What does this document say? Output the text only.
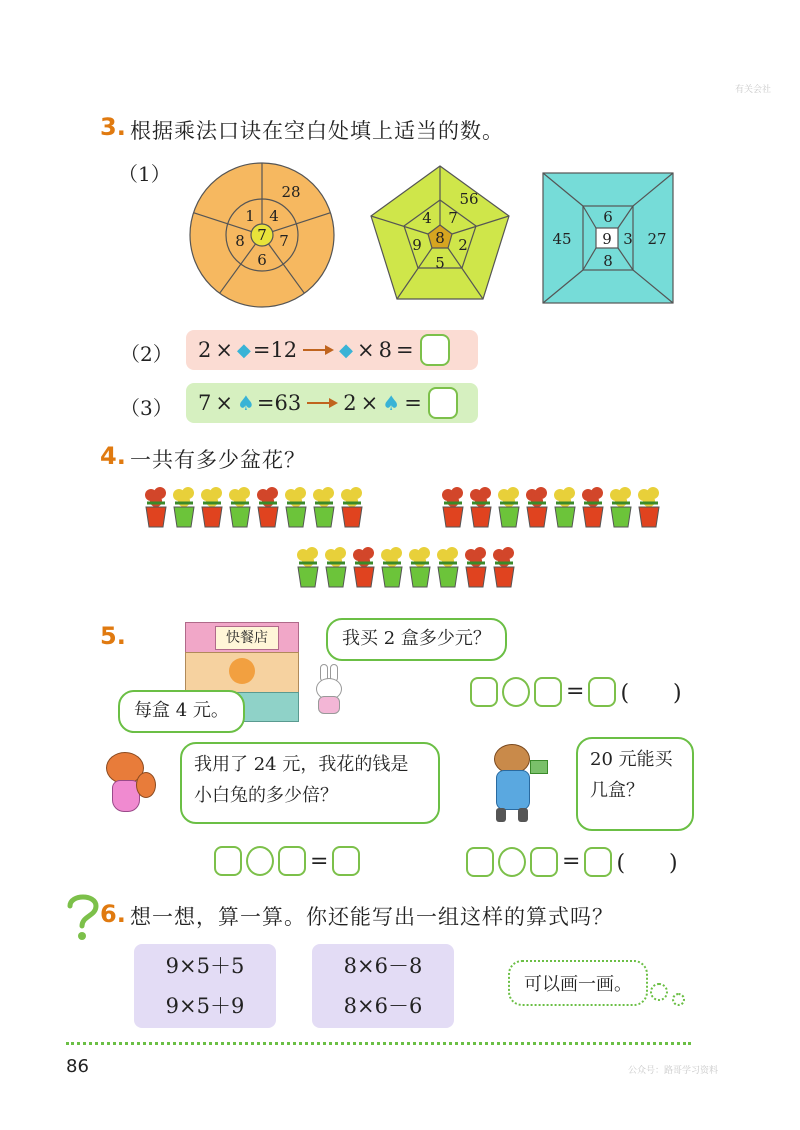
有关会社
3. 根据乘法口诀在空白处填上适当的数。
（1）
7
1 4
7
6
8
28
8
4 7
2
5
9
56
9
6
3
8
45	27
（2） 2 × ◆ = 12 ◆ × 8 =
（3） 7 × ♠ = 63 2 × ♠ =
4. 一共有多少盆花？
5.	快餐店	我买 2 盒多少元？
每盒 4 元。
= (　　)
我用了 24 元，我花的钱是小白兔的多少倍？
20 元能买几盒？
=	= (　　)
6. 想一想，算一算。你还能写出一组这样的算式吗？
9×5＋5
9×5＋9
8×6－8
8×6－6
可以画一画。
86	公众号：路哥学习资料
